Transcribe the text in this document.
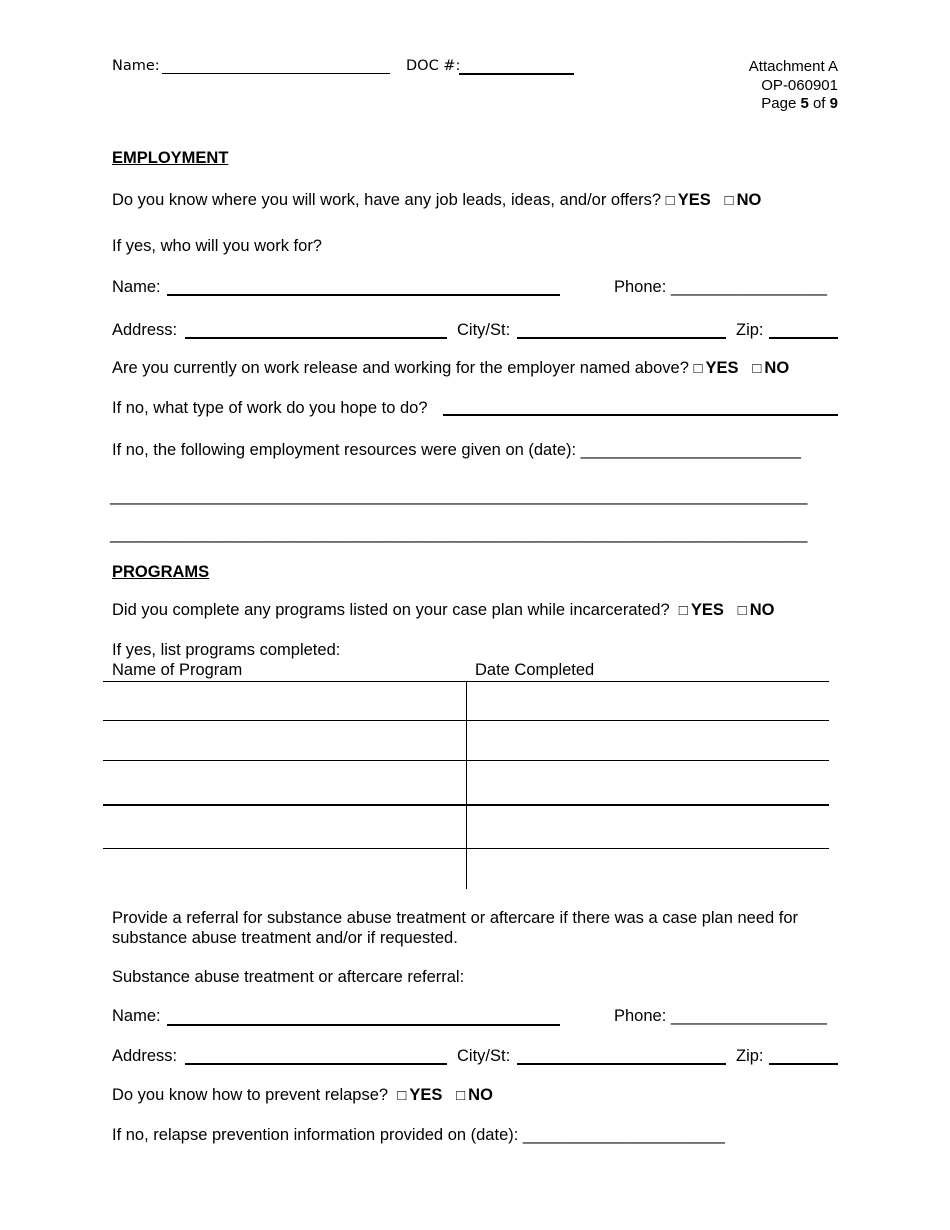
Name:	DOC #:	Attachment A
OP-060901
Page 5 of 9
EMPLOYMENT
Do you know where you will work, have any job leads, ideas, and/or offers? □ YES □ NO
If yes, who will you work for?
Name:	Phone: _________________
Address:	City/St:	Zip:
Are you currently on work release and working for the employer named above? □ YES □ NO
If no, what type of work do you hope to do?
If no, the following employment resources were given on (date): ________________________
____________________________________________________________________________
____________________________________________________________________________
PROGRAMS
Did you complete any programs listed on your case plan while incarcerated? □ YES □ NO
If yes, list programs completed:
Name of Program	Date Completed
Provide a referral for substance abuse treatment or aftercare if there was a case plan need for
substance abuse treatment and/or if requested.
Substance abuse treatment or aftercare referral:
Name:	Phone: _________________
Address:	City/St:	Zip:
Do you know how to prevent relapse? □ YES □ NO
If no, relapse prevention information provided on (date): ______________________
